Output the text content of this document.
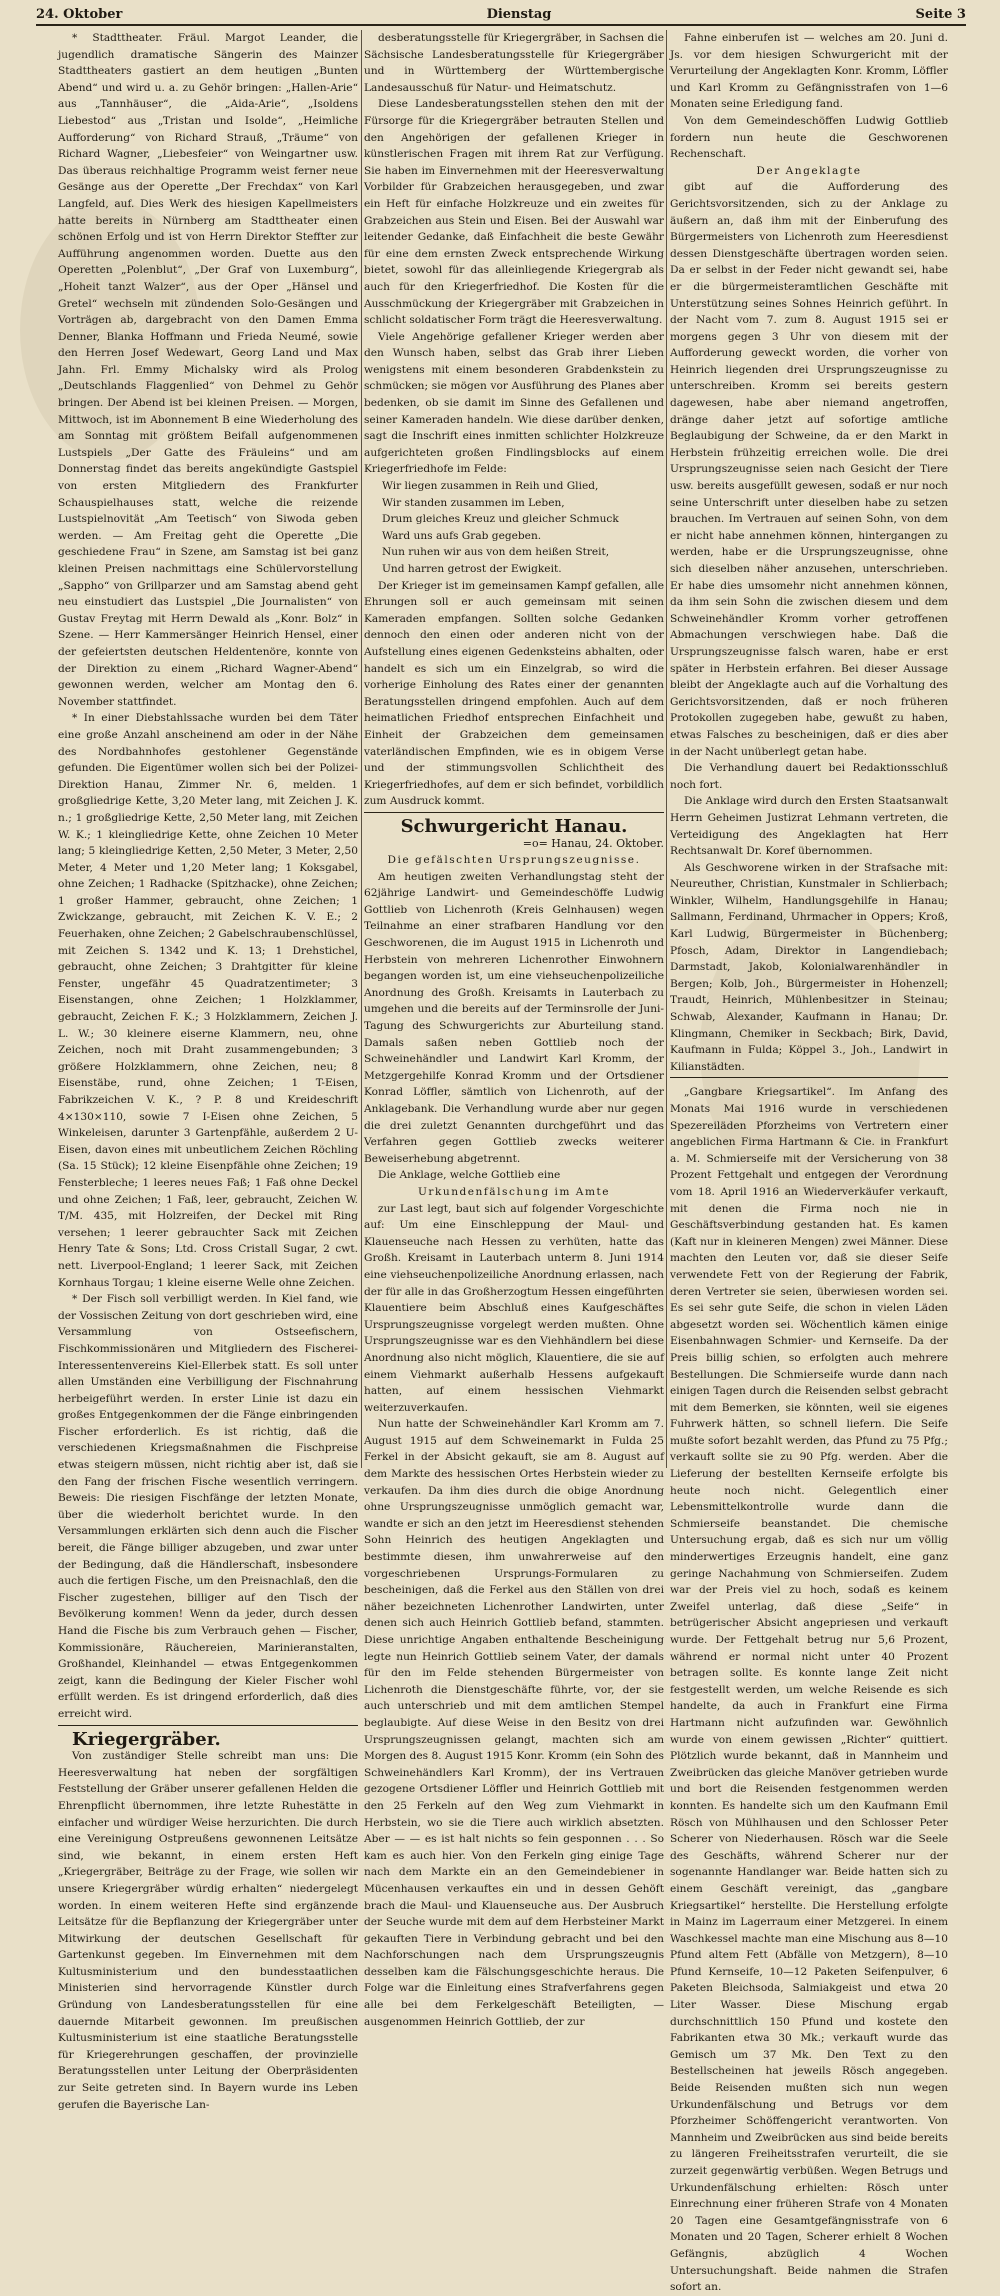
24. Oktober	Dienstag	Seite 3

* Stadttheater. Fräul. Margot Leander, die jugendlich dramatische Sängerin des Mainzer Stadttheaters gastiert an dem heutigen „Bunten Abend“ und wird u. a. zu Gehör bringen: „Hallen-Arie“ aus „Tannhäuser“, die „Aida-Arie“, „Isoldens Liebestod“ aus „Tristan und Isolde“, „Heimliche Aufforderung“ von Richard Strauß, „Träume“ von Richard Wagner, „Liebesfeier“ von Weingartner usw. Das überaus reichhaltige Programm weist ferner neue Gesänge aus der Operette „Der Frechdax“ von Karl Langfeld, auf. Dies Werk des hiesigen Kapellmeisters hatte bereits in Nürnberg am Stadttheater einen schönen Erfolg und ist von Herrn Direktor Steffter zur Aufführung angenommen worden. Duette aus den Operetten „Polenblut“, „Der Graf von Luxemburg“, „Hoheit tanzt Walzer“, aus der Oper „Hänsel und Gretel“ wechseln mit zündenden Solo-Gesängen und Vorträgen ab, dargebracht von den Damen Emma Denner, Blanka Hoffmann und Frieda Neumé, sowie den Herren Josef Wedewart, Georg Land und Max Jahn. Frl. Emmy Michalsky wird als Prolog „Deutschlands Flaggenlied“ von Dehmel zu Gehör bringen. Der Abend ist bei kleinen Preisen. — Morgen, Mittwoch, ist im Abonnement B eine Wiederholung des am Sonntag mit größtem Beifall aufgenommenen Lustspiels „Der Gatte des Fräuleins“ und am Donnerstag findet das bereits angekündigte Gastspiel von ersten Mitgliedern des Frankfurter Schauspielhauses statt, welche die reizende Lustspielnovität „Am Teetisch“ von Siwoda geben werden. — Am Freitag geht die Operette „Die geschiedene Frau“ in Szene, am Samstag ist bei ganz kleinen Preisen nachmittags eine Schülervorstellung „Sappho“ von Grillparzer und am Samstag abend geht neu einstudiert das Lustspiel „Die Journalisten“ von Gustav Freytag mit Herrn Dewald als „Konr. Bolz“ in Szene. — Herr Kammersänger Heinrich Hensel, einer der gefeiertsten deutschen Heldentenöre, konnte von der Direktion zu einem „Richard Wagner-Abend“ gewonnen werden, welcher am Montag den 6. November stattfindet.

* In einer Diebstahlssache wurden bei dem Täter eine große Anzahl anscheinend am oder in der Nähe des Nordbahnhofes gestohlener Gegenstände gefunden. Die Eigentümer wollen sich bei der Polizei-Direktion Hanau, Zimmer Nr. 6, melden. 1 großgliedrige Kette, 3,20 Meter lang, mit Zeichen J. K. n.; 1 großgliedrige Kette, 2,50 Meter lang, mit Zeichen W. K.; 1 kleingliedrige Kette, ohne Zeichen 10 Meter lang; 5 kleingliedrige Ketten, 2,50 Meter, 3 Meter, 2,50 Meter, 4 Meter und 1,20 Meter lang; 1 Koksgabel, ohne Zeichen; 1 Radhacke (Spitzhacke), ohne Zeichen; 1 großer Hammer, gebraucht, ohne Zeichen; 1 Zwickzange, gebraucht, mit Zeichen K. V. E.; 2 Feuerhaken, ohne Zeichen; 2 Gabelschraubenschlüssel, mit Zeichen S. 1342 und K. 13; 1 Drehstichel, gebraucht, ohne Zeichen; 3 Drahtgitter für kleine Fenster, ungefähr 45 Quadratzentimeter; 3 Eisenstangen, ohne Zeichen; 1 Holzklammer, gebraucht, Zeichen F. K.; 3 Holzklammern, Zeichen J. L. W.; 30 kleinere eiserne Klammern, neu, ohne Zeichen, noch mit Draht zusammengebunden; 3 größere Holzklammern, ohne Zeichen, neu; 8 Eisenstäbe, rund, ohne Zeichen; 1 T-Eisen, Fabrikzeichen V. K., ? P. 8 und Kreideschrift 4×130×110, sowie 7 I-Eisen ohne Zeichen, 5 Winkeleisen, darunter 3 Gartenpfähle, außerdem 2 U-Eisen, davon eines mit unbeutlichem Zeichen Röchling (Sa. 15 Stück); 12 kleine Eisenpfähle ohne Zeichen; 19 Fensterbleche; 1 leeres neues Faß; 1 Faß ohne Deckel und ohne Zeichen; 1 Faß, leer, gebraucht, Zeichen W. T/M. 435, mit Holzreifen, der Deckel mit Ring versehen; 1 leerer gebrauchter Sack mit Zeichen Henry Tate & Sons; Ltd. Cross Cristall Sugar, 2 cwt. nett. Liverpool-England; 1 leerer Sack, mit Zeichen Kornhaus Torgau; 1 kleine eiserne Welle ohne Zeichen.

* Der Fisch soll verbilligt werden. In Kiel fand, wie der Vossischen Zeitung von dort geschrieben wird, eine Versammlung von Ostseefischern, Fischkommissionären und Mitgliedern des Fischerei-Interessentenvereins Kiel-Ellerbek statt. Es soll unter allen Umständen eine Verbilligung der Fischnahrung herbeigeführt werden. In erster Linie ist dazu ein großes Entgegenkommen der die Fänge einbringenden Fischer erforderlich. Es ist richtig, daß die verschiedenen Kriegsmaßnahmen die Fischpreise etwas steigern müssen, nicht richtig aber ist, daß sie den Fang der frischen Fische wesentlich verringern. Beweis: Die riesigen Fischfänge der letzten Monate, über die wiederholt berichtet wurde. In den Versammlungen erklärten sich denn auch die Fischer bereit, die Fänge billiger abzugeben, und zwar unter der Bedingung, daß die Händlerschaft, insbesondere auch die fertigen Fische, um den Preisnachlaß, den die Fischer zugestehen, billiger auf den Tisch der Bevölkerung kommen! Wenn da jeder, durch dessen Hand die Fische bis zum Verbrauch gehen — Fischer, Kommissionäre, Räuchereien, Marinieranstalten, Großhandel, Kleinhandel — etwas Entgegenkommen zeigt, kann die Bedingung der Kieler Fischer wohl erfüllt werden. Es ist dringend erforderlich, daß dies erreicht wird.

Kriegergräber.

Von zuständiger Stelle schreibt man uns: Die Heeresverwaltung hat neben der sorgfältigen Feststellung der Gräber unserer gefallenen Helden die Ehrenpflicht übernommen, ihre letzte Ruhestätte in einfacher und würdiger Weise herzurichten. Die durch eine Vereinigung Ostpreußens gewonnenen Leitsätze sind, wie bekannt, in einem ersten Heft „Kriegergräber, Beiträge zu der Frage, wie sollen wir unsere Kriegergräber würdig erhalten“ niedergelegt worden. In einem weiteren Hefte sind ergänzende Leitsätze für die Bepflanzung der Kriegergräber unter Mitwirkung der deutschen Gesellschaft für Gartenkunst gegeben. Im Einvernehmen mit dem Kultusministerium und den bundesstaatlichen Ministerien sind hervorragende Künstler durch Gründung von Landesberatungsstellen für eine dauernde Mitarbeit gewonnen. Im preußischen Kultusministerium ist eine staatliche Beratungsstelle für Kriegerehrungen geschaffen, der provinzielle Beratungsstellen unter Leitung der Oberpräsidenten zur Seite getreten sind. In Bayern wurde ins Leben gerufen die Bayerische Lan-

desberatungsstelle für Kriegergräber, in Sachsen die Sächsische Landesberatungsstelle für Kriegergräber und in Württemberg der Württembergische Landesausschuß für Natur- und Heimatschutz.

Diese Landesberatungsstellen stehen den mit der Fürsorge für die Kriegergräber betrauten Stellen und den Angehörigen der gefallenen Krieger in künstlerischen Fragen mit ihrem Rat zur Verfügung. Sie haben im Einvernehmen mit der Heeresverwaltung Vorbilder für Grabzeichen herausgegeben, und zwar ein Heft für einfache Holzkreuze und ein zweites für Grabzeichen aus Stein und Eisen. Bei der Auswahl war leitender Gedanke, daß Einfachheit die beste Gewähr für eine dem ernsten Zweck entsprechende Wirkung bietet, sowohl für das alleinliegende Kriegergrab als auch für den Kriegerfriedhof. Die Kosten für die Ausschmückung der Kriegergräber mit Grabzeichen in schlicht soldatischer Form trägt die Heeresverwaltung.

Viele Angehörige gefallener Krieger werden aber den Wunsch haben, selbst das Grab ihrer Lieben wenigstens mit einem besonderen Grabdenkstein zu schmücken; sie mögen vor Ausführung des Planes aber bedenken, ob sie damit im Sinne des Gefallenen und seiner Kameraden handeln. Wie diese darüber denken, sagt die Inschrift eines inmitten schlichter Holzkreuze aufgerichteten großen Findlingsblocks auf einem Kriegerfriedhofe im Felde:

Wir liegen zusammen in Reih und Glied,

Wir standen zusammen im Leben,

Drum gleiches Kreuz und gleicher Schmuck

Ward uns aufs Grab gegeben.

Nun ruhen wir aus von dem heißen Streit,

Und harren getrost der Ewigkeit.

Der Krieger ist im gemeinsamen Kampf gefallen, alle Ehrungen soll er auch gemeinsam mit seinen Kameraden empfangen. Sollten solche Gedanken dennoch den einen oder anderen nicht von der Aufstellung eines eigenen Gedenksteins abhalten, oder handelt es sich um ein Einzelgrab, so wird die vorherige Einholung des Rates einer der genannten Beratungsstellen dringend empfohlen. Auch auf dem heimatlichen Friedhof entsprechen Einfachheit und Einheit der Grabzeichen dem gemeinsamen vaterländischen Empfinden, wie es in obigem Verse und der stimmungsvollen Schlichtheit des Kriegerfriedhofes, auf dem er sich befindet, vorbildlich zum Ausdruck kommt.

Schwurgericht Hanau.

=o= Hanau, 24. Oktober.

Die gefälschten Ursprungszeugnisse.

Am heutigen zweiten Verhandlungstag steht der 62jährige Landwirt- und Gemeindeschöffe Ludwig Gottlieb von Lichenroth (Kreis Gelnhausen) wegen Teilnahme an einer strafbaren Handlung vor den Geschworenen, die im August 1915 in Lichenroth und Herbstein von mehreren Lichenrother Einwohnern begangen worden ist, um eine viehseuchenpolizeiliche Anordnung des Großh. Kreisamts in Lauterbach zu umgehen und die bereits auf der Terminsrolle der Juni-Tagung des Schwurgerichts zur Aburteilung stand. Damals saßen neben Gottlieb noch der Schweinehändler und Landwirt Karl Kromm, der Metzgergehilfe Konrad Kromm und der Ortsdiener Konrad Löffler, sämtlich von Lichenroth, auf der Anklagebank. Die Verhandlung wurde aber nur gegen die drei zuletzt Genannten durchgeführt und das Verfahren gegen Gottlieb zwecks weiterer Beweiserhebung abgetrennt.

Die Anklage, welche Gottlieb eine

Urkundenfälschung im Amte

zur Last legt, baut sich auf folgender Vorgeschichte auf: Um eine Einschleppung der Maul- und Klauenseuche nach Hessen zu verhüten, hatte das Großh. Kreisamt in Lauterbach unterm 8. Juni 1914 eine viehseuchenpolizeiliche Anordnung erlassen, nach der für alle in das Großherzogtum Hessen eingeführten Klauentiere beim Abschluß eines Kaufgeschäftes Ursprungszeugnisse vorgelegt werden mußten. Ohne Ursprungszeugnisse war es den Viehhändlern bei diese Anordnung also nicht möglich, Klauentiere, die sie auf einem Viehmarkt außerhalb Hessens aufgekauft hatten, auf einem hessischen Viehmarkt weiterzuverkaufen.

Nun hatte der Schweinehändler Karl Kromm am 7. August 1915 auf dem Schweinemarkt in Fulda 25 Ferkel in der Absicht gekauft, sie am 8. August auf dem Markte des hessischen Ortes Herbstein wieder zu verkaufen. Da ihm dies durch die obige Anordnung ohne Ursprungszeugnisse unmöglich gemacht war, wandte er sich an den jetzt im Heeresdienst stehenden Sohn Heinrich des heutigen Angeklagten und bestimmte diesen, ihm unwahrerweise auf den vorgeschriebenen Ursprungs-Formularen zu bescheinigen, daß die Ferkel aus den Ställen von drei näher bezeichneten Lichenrother Landwirten, unter denen sich auch Heinrich Gottlieb befand, stammten. Diese unrichtige Angaben enthaltende Bescheinigung legte nun Heinrich Gottlieb seinem Vater, der damals für den im Felde stehenden Bürgermeister von Lichenroth die Dienstgeschäfte führte, vor, der sie auch unterschrieb und mit dem amtlichen Stempel beglaubigte. Auf diese Weise in den Besitz von drei Ursprungszeugnissen gelangt, machten sich am Morgen des 8. August 1915 Konr. Kromm (ein Sohn des Schweinehändlers Karl Kromm), der ins Vertrauen gezogene Ortsdiener Löffler und Heinrich Gottlieb mit den 25 Ferkeln auf den Weg zum Viehmarkt in Herbstein, wo sie die Tiere auch wirklich absetzten. Aber — — es ist halt nichts so fein gesponnen . . . So kam es auch hier. Von den Ferkeln ging einige Tage nach dem Markte ein an den Gemeindebiener in Mücenhausen verkauftes ein und in dessen Gehöft brach die Maul- und Klauenseuche aus. Der Ausbruch der Seuche wurde mit dem auf dem Herbsteiner Markt gekauften Tiere in Verbindung gebracht und bei den Nachforschungen nach dem Ursprungszeugnis desselben kam die Fälschungsgeschichte heraus. Die Folge war die Einleitung eines Strafverfahrens gegen alle bei dem Ferkelgeschäft Beteiligten, — ausgenommen Heinrich Gottlieb, der zur

Fahne einberufen ist — welches am 20. Juni d. Js. vor dem hiesigen Schwurgericht mit der Verurteilung der Angeklagten Konr. Kromm, Löffler und Karl Kromm zu Gefängnisstrafen von 1—6 Monaten seine Erledigung fand.

Von dem Gemeindeschöffen Ludwig Gottlieb fordern nun heute die Geschworenen Rechenschaft.

Der Angeklagte

gibt auf die Aufforderung des Gerichtsvorsitzenden, sich zu der Anklage zu äußern an, daß ihm mit der Einberufung des Bürgermeisters von Lichenroth zum Heeresdienst dessen Dienstgeschäfte übertragen worden seien. Da er selbst in der Feder nicht gewandt sei, habe er die bürgermeisteramtlichen Geschäfte mit Unterstützung seines Sohnes Heinrich geführt. In der Nacht vom 7. zum 8. August 1915 sei er morgens gegen 3 Uhr von diesem mit der Aufforderung geweckt worden, die vorher von Heinrich liegenden drei Ursprungszeugnisse zu unterschreiben. Kromm sei bereits gestern dagewesen, habe aber niemand angetroffen, dränge daher jetzt auf sofortige amtliche Beglaubigung der Schweine, da er den Markt in Herbstein frühzeitig erreichen wolle. Die drei Ursprungszeugnisse seien nach Gesicht der Tiere usw. bereits ausgefüllt gewesen, sodaß er nur noch seine Unterschrift unter dieselben habe zu setzen brauchen. Im Vertrauen auf seinen Sohn, von dem er nicht habe annehmen können, hintergangen zu werden, habe er die Ursprungszeugnisse, ohne sich dieselben näher anzusehen, unterschrieben. Er habe dies umsomehr nicht annehmen können, da ihm sein Sohn die zwischen diesem und dem Schweinehändler Kromm vorher getroffenen Abmachungen verschwiegen habe. Daß die Ursprungszeugnisse falsch waren, habe er erst später in Herbstein erfahren. Bei dieser Aussage bleibt der Angeklagte auch auf die Vorhaltung des Gerichtsvorsitzenden, daß er noch früheren Protokollen zugegeben habe, gewußt zu haben, etwas Falsches zu bescheinigen, daß er dies aber in der Nacht unüberlegt getan habe.

Die Verhandlung dauert bei Redaktionsschluß noch fort.

Die Anklage wird durch den Ersten Staatsanwalt Herrn Geheimen Justizrat Lehmann vertreten, die Verteidigung des Angeklagten hat Herr Rechtsanwalt Dr. Koref übernommen.

Als Geschworene wirken in der Strafsache mit: Neureuther, Christian, Kunstmaler in Schlierbach; Winkler, Wilhelm, Handlungsgehilfe in Hanau; Sallmann, Ferdinand, Uhrmacher in Oppers; Kroß, Karl Ludwig, Bürgermeister in Büchenberg; Pfosch, Adam, Direktor in Langendiebach; Darmstadt, Jakob, Kolonialwarenhändler in Bergen; Kolb, Joh., Bürgermeister in Hohenzell; Traudt, Heinrich, Mühlenbesitzer in Steinau; Schwab, Alexander, Kaufmann in Hanau; Dr. Klingmann, Chemiker in Seckbach; Birk, David, Kaufmann in Fulda; Köppel 3., Joh., Landwirt in Kilianstädten.

„Gangbare Kriegsartikel“. Im Anfang des Monats Mai 1916 wurde in verschiedenen Spezereiläden Pforzheims von Vertretern einer angeblichen Firma Hartmann & Cie. in Frankfurt a. M. Schmierseife mit der Versicherung von 38 Prozent Fettgehalt und entgegen der Verordnung vom 18. April 1916 an Wiederverkäufer verkauft, mit denen die Firma noch nie in Geschäftsverbindung gestanden hat. Es kamen (Kaft nur in kleineren Mengen) zwei Männer. Diese machten den Leuten vor, daß sie dieser Seife verwendete Fett von der Regierung der Fabrik, deren Vertreter sie seien, überwiesen worden sei. Es sei sehr gute Seife, die schon in vielen Läden abgesetzt worden sei. Wöchentlich kämen einige Eisenbahnwagen Schmier- und Kernseife. Da der Preis billig schien, so erfolgten auch mehrere Bestellungen. Die Schmierseife wurde dann nach einigen Tagen durch die Reisenden selbst gebracht mit dem Bemerken, sie könnten, weil sie eigenes Fuhrwerk hätten, so schnell liefern. Die Seife mußte sofort bezahlt werden, das Pfund zu 75 Pfg.; verkauft sollte sie zu 90 Pfg. werden. Aber die Lieferung der bestellten Kernseife erfolgte bis heute noch nicht. Gelegentlich einer Lebensmittelkontrolle wurde dann die Schmierseife beanstandet. Die chemische Untersuchung ergab, daß es sich nur um völlig minderwertiges Erzeugnis handelt, eine ganz geringe Nachahmung von Schmierseifen. Zudem war der Preis viel zu hoch, sodaß es keinem Zweifel unterlag, daß diese „Seife“ in betrügerischer Absicht angepriesen und verkauft wurde. Der Fettgehalt betrug nur 5,6 Prozent, während er normal nicht unter 40 Prozent betragen sollte. Es konnte lange Zeit nicht festgestellt werden, um welche Reisende es sich handelte, da auch in Frankfurt eine Firma Hartmann nicht aufzufinden war. Gewöhnlich wurde von einem gewissen „Richter“ quittiert. Plötzlich wurde bekannt, daß in Mannheim und Zweibrücken das gleiche Manöver getrieben wurde und bort die Reisenden festgenommen werden konnten. Es handelte sich um den Kaufmann Emil Rösch von Mühlhausen und den Schlosser Peter Scherer von Niederhausen. Rösch war die Seele des Geschäfts, während Scherer nur der sogenannte Handlanger war. Beide hatten sich zu einem Geschäft vereinigt, das „gangbare Kriegsartikel“ herstellte. Die Herstellung erfolgte in Mainz im Lagerraum einer Metzgerei. In einem Waschkessel machte man eine Mischung aus 8—10 Pfund altem Fett (Abfälle von Metzgern), 8—10 Pfund Kernseife, 10—12 Paketen Seifenpulver, 6 Paketen Bleichsoda, Salmiakgeist und etwa 20 Liter Wasser. Diese Mischung ergab durchschnittlich 150 Pfund und kostete den Fabrikanten etwa 30 Mk.; verkauft wurde das Gemisch um 37 Mk. Den Text zu den Bestellscheinen hat jeweils Rösch angegeben. Beide Reisenden mußten sich nun wegen Urkundenfälschung und Betrugs vor dem Pforzheimer Schöffengericht verantworten. Von Mannheim und Zweibrücken aus sind beide bereits zu längeren Freiheitsstrafen verurteilt, die sie zurzeit gegenwärtig verbüßen. Wegen Betrugs und Urkundenfälschung erhielten: Rösch unter Einrechnung einer früheren Strafe von 4 Monaten 20 Tagen eine Gesamtgefängnisstrafe von 6 Monaten und 20 Tagen, Scherer erhielt 8 Wochen Gefängnis, abzüglich 4 Wochen Untersuchungshaft. Beide nahmen die Strafen sofort an.
